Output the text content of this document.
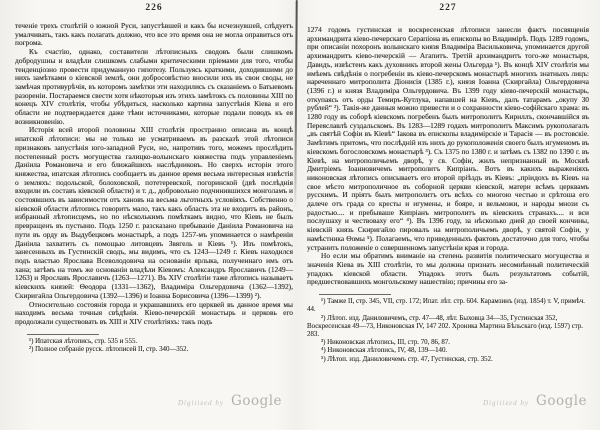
226

теченіе трехъ столѣтій о южной Руси, запустѣвшей и какъ бы исчезнувшей, слѣдуетъ умалчивать, такъ какъ полагать должно, что все это время она не могла оправиться отъ погрома.

Къ счастію, однако, составители лѣтописныхъ сводовъ были слишкомъ добродушны и владѣли слишкомъ слабыми критическими пріемами для того, чтобы тенденціозно провести придуманную гипотезу. Пользуясь краткими, доходившими до нихъ замѣтками о кіевской землѣ, они добросовѣстно вносили ихъ въ свои своды, не замѣчая противурѣчія, въ которомъ замѣтки эти находились съ сказаніемъ о Батыевомъ разореніи. Постараемся свести хотя нѣкоторыя изъ этихъ замѣтокъ съ половины XIII по конецъ XIV столѣтія, чтобы убѣдиться, насколько картина запустѣнія Кіева и его области не подтверждается даже тѣми источниками, которые подали поводъ къ ея возникновенію.

Исторія всей второй половины XIII столѣтія пространно описана въ концѣ ипатской лѣтописи: мы не только не усматриваемъ въ разсказѣ этой лѣтописи признаковъ запустѣнія юго-западной Руси, но, напротивъ того, можемъ прослѣдить постепенный ростъ могущества галицко-волынскаго княжества подъ управленіемъ Даніила Романовича и его ближайшихъ наслѣдниковъ. Но сверхъ исторіи этого княжества, ипатская лѣтопись сообщаетъ въ данное время весьма интересныя извѣстія о земляхъ: подольской, болоховской, потетеревской, погоринской (двѣ послѣднія входили въ составъ кіевской области) и т. д., добровольно подчинившихся монголамъ и состоявшихъ въ зависимости отъ хановъ на весьма льготныхъ условіяхъ. Собственно о кіевской области лѣтопись говоритъ мало, такъ какъ область эта не входитъ въ районъ, избранный лѣтописцемъ, но по нѣсколькимъ помѣткамъ видно, что Кіевъ не былъ превращенъ въ пустыню. Подъ 1250 г. разсказано пребываніе Даніила Романовича на пути въ орду въ Выдубецкомъ монастырѣ, а подъ 1257-мъ упоминается о намѣреніи Даніила захватить съ помощью литовцевъ Звягель и Кіевъ ¹). Изъ помѣтокъ, занесенныхъ въ Густинскій сводъ, мы видимъ, что съ 1243—1249 г. Кіевъ находился подъ властью Ярослава Всеволодовича на основаніи ярлыка, полученнаго имъ отъ хана; затѣмъ на томъ же основаніи владѣли Кіевомъ: Александръ Ярославичъ (1249—1263) и Ярославъ Ярославичъ (1263—1271). Въ XIV столѣтіи таже лѣтопись называетъ кіевскихъ князей: Ѳеодора (1331—1362), Владиміра Ольгердовича (1362—1392), Скиригайла Ольгердовича (1392—1396) и Іоанна Борисовича (1396—1399) ²).

Относительно состоянія города и украшавшихъ его церквей въ данное время мы находимъ весьма точныя свѣдѣнія. Кіево-печерскій монастырь и церковь его продолжали существовать въ XIII и XIV столѣтіяхъ: такъ подъ

¹) Ипатская лѣтопись, стр. 535 и 555.

²) Полное собраніе русск. лѣтописей II, стр. 340—352.

227

1274 годомъ густинская и воскресенская лѣтописи занесли фактъ посвященія архимандрита кіево-печерскаго Серапіона въ епископы во Владимірѣ. Подъ 1289 годомъ, при описаніи похоронъ волынскаго князя Владиміра Васильковича, упоминается другой архимандритъ кіево-печерскій — Агапитъ. Третій архимандритъ того-же монастыря, Давидъ, извѣстенъ какъ духовникъ второй жены Ольгерда ¹). Въ концѣ XIV столѣтія мы имѣемъ свѣдѣнія о погребеніи въ кіево-печерскомъ монастырѣ многихъ знатныхъ лицъ: нареченнаго митрополита Діонисія (1385 г.), князя Іоанна (Скиргайла) Ольгердовича (1396 г.) и князя Владиміра Ольгердовича. Въ 1399 году кіево-печерскій монастырь, откупаясь отъ орды Темиръ-Кутлука, напавшей на Кіевъ, далъ татарамъ „окупу 30 рублей“ ²). Такія-же данныя можно привести и о сохранности кіево-софійскаго храма: въ 1280 году въ соборѣ кіевскомъ погребенъ былъ митрополитъ Кириллъ, скончавшійся въ Переяславлѣ суздальскомъ. Въ 1283—1289 годахъ митрополитъ Максимъ рукополагалъ „въ святѣй Софіи въ Кіевѣ“ Іакова въ епископы владимірскіе и Тарасія — въ ростовскіе. Замѣтимъ притомъ, что послѣдній изъ нихъ до рукоположенія своего былъ игуменомъ въ кіевскомъ богословскомъ монастырѣ ³). Съ 1375 по 1380 г. и затѣмъ съ 1382 по 1390 г. въ Кіевѣ, на митрополичьемъ дворѣ, у св. Софіи, жилъ непризнанный въ Москвѣ Дмитріемъ Іоанновичемъ митрополитъ Кипріанъ. Вотъ въ какихъ выраженіяхъ никоновская лѣтопись описываетъ его второй пріѣздъ въ Кіевъ: „пріидохъ въ Кіевъ на свое мѣсто митрополичное въ соборной церкви кіевской, матери всѣмъ церквамъ русскимъ. И пріятъ былъ митрополитъ отъ всѣхъ со многою честью и срѣтоша его далече отъ града со кресты и игумены, и бояре, и вельможи, и народы мнози съ радостью.... и пребываше Кипріанъ митрополитъ въ кіевскихъ странахъ.... и вси послушаху и чествоваху его“ ⁴). Въ 1396 году, за нѣсколько дней до своей кончины, кіевскій князь Скиригайло пировалъ на митрополичьемъ дворѣ, у святой Софіи, у намѣстника Ѳомы ⁵). Полагаемъ, что приведенныхъ фактовъ достаточно для того, чтобы устранить положеніе о совершенномъ запустѣніи края и города.

Но если мы обратимъ вниманіе на степень развитія политическаго могущества и значенія Кіева въ XIII столѣтіи, то мы должны признать несомнѣнный политическій упадокъ кіевской области. Упадокъ этотъ былъ результатомъ событій, предшествовавшихъ монгольскому нашествію; причины его за-

¹) Тамже II, стр. 345, VII, стр. 172; Ипат. лѣт. стр. 604. Карамзинъ (изд. 1854) т. V, примѣч. 44.

²) Лѣтоп. изд. Даниловичемъ, стр. 47—48, лѣт. Быховца 34—35, Густинская 352, Воскресенская 49—73, Никоновская IV, 147 202. Хроника Мартина Бѣльскаго (изд. 1597) стр. 283.

³) Никоновская лѣтопись, III, стр. 70, 86, 87.

⁴) Никоновская лѣтопись, IV, 48, 139—140.

⁵) Лѣтоп. изд. Даниловичемъ стр. 47, Густинская, стр. 352.

Digitized by Google	Digitized by Google
